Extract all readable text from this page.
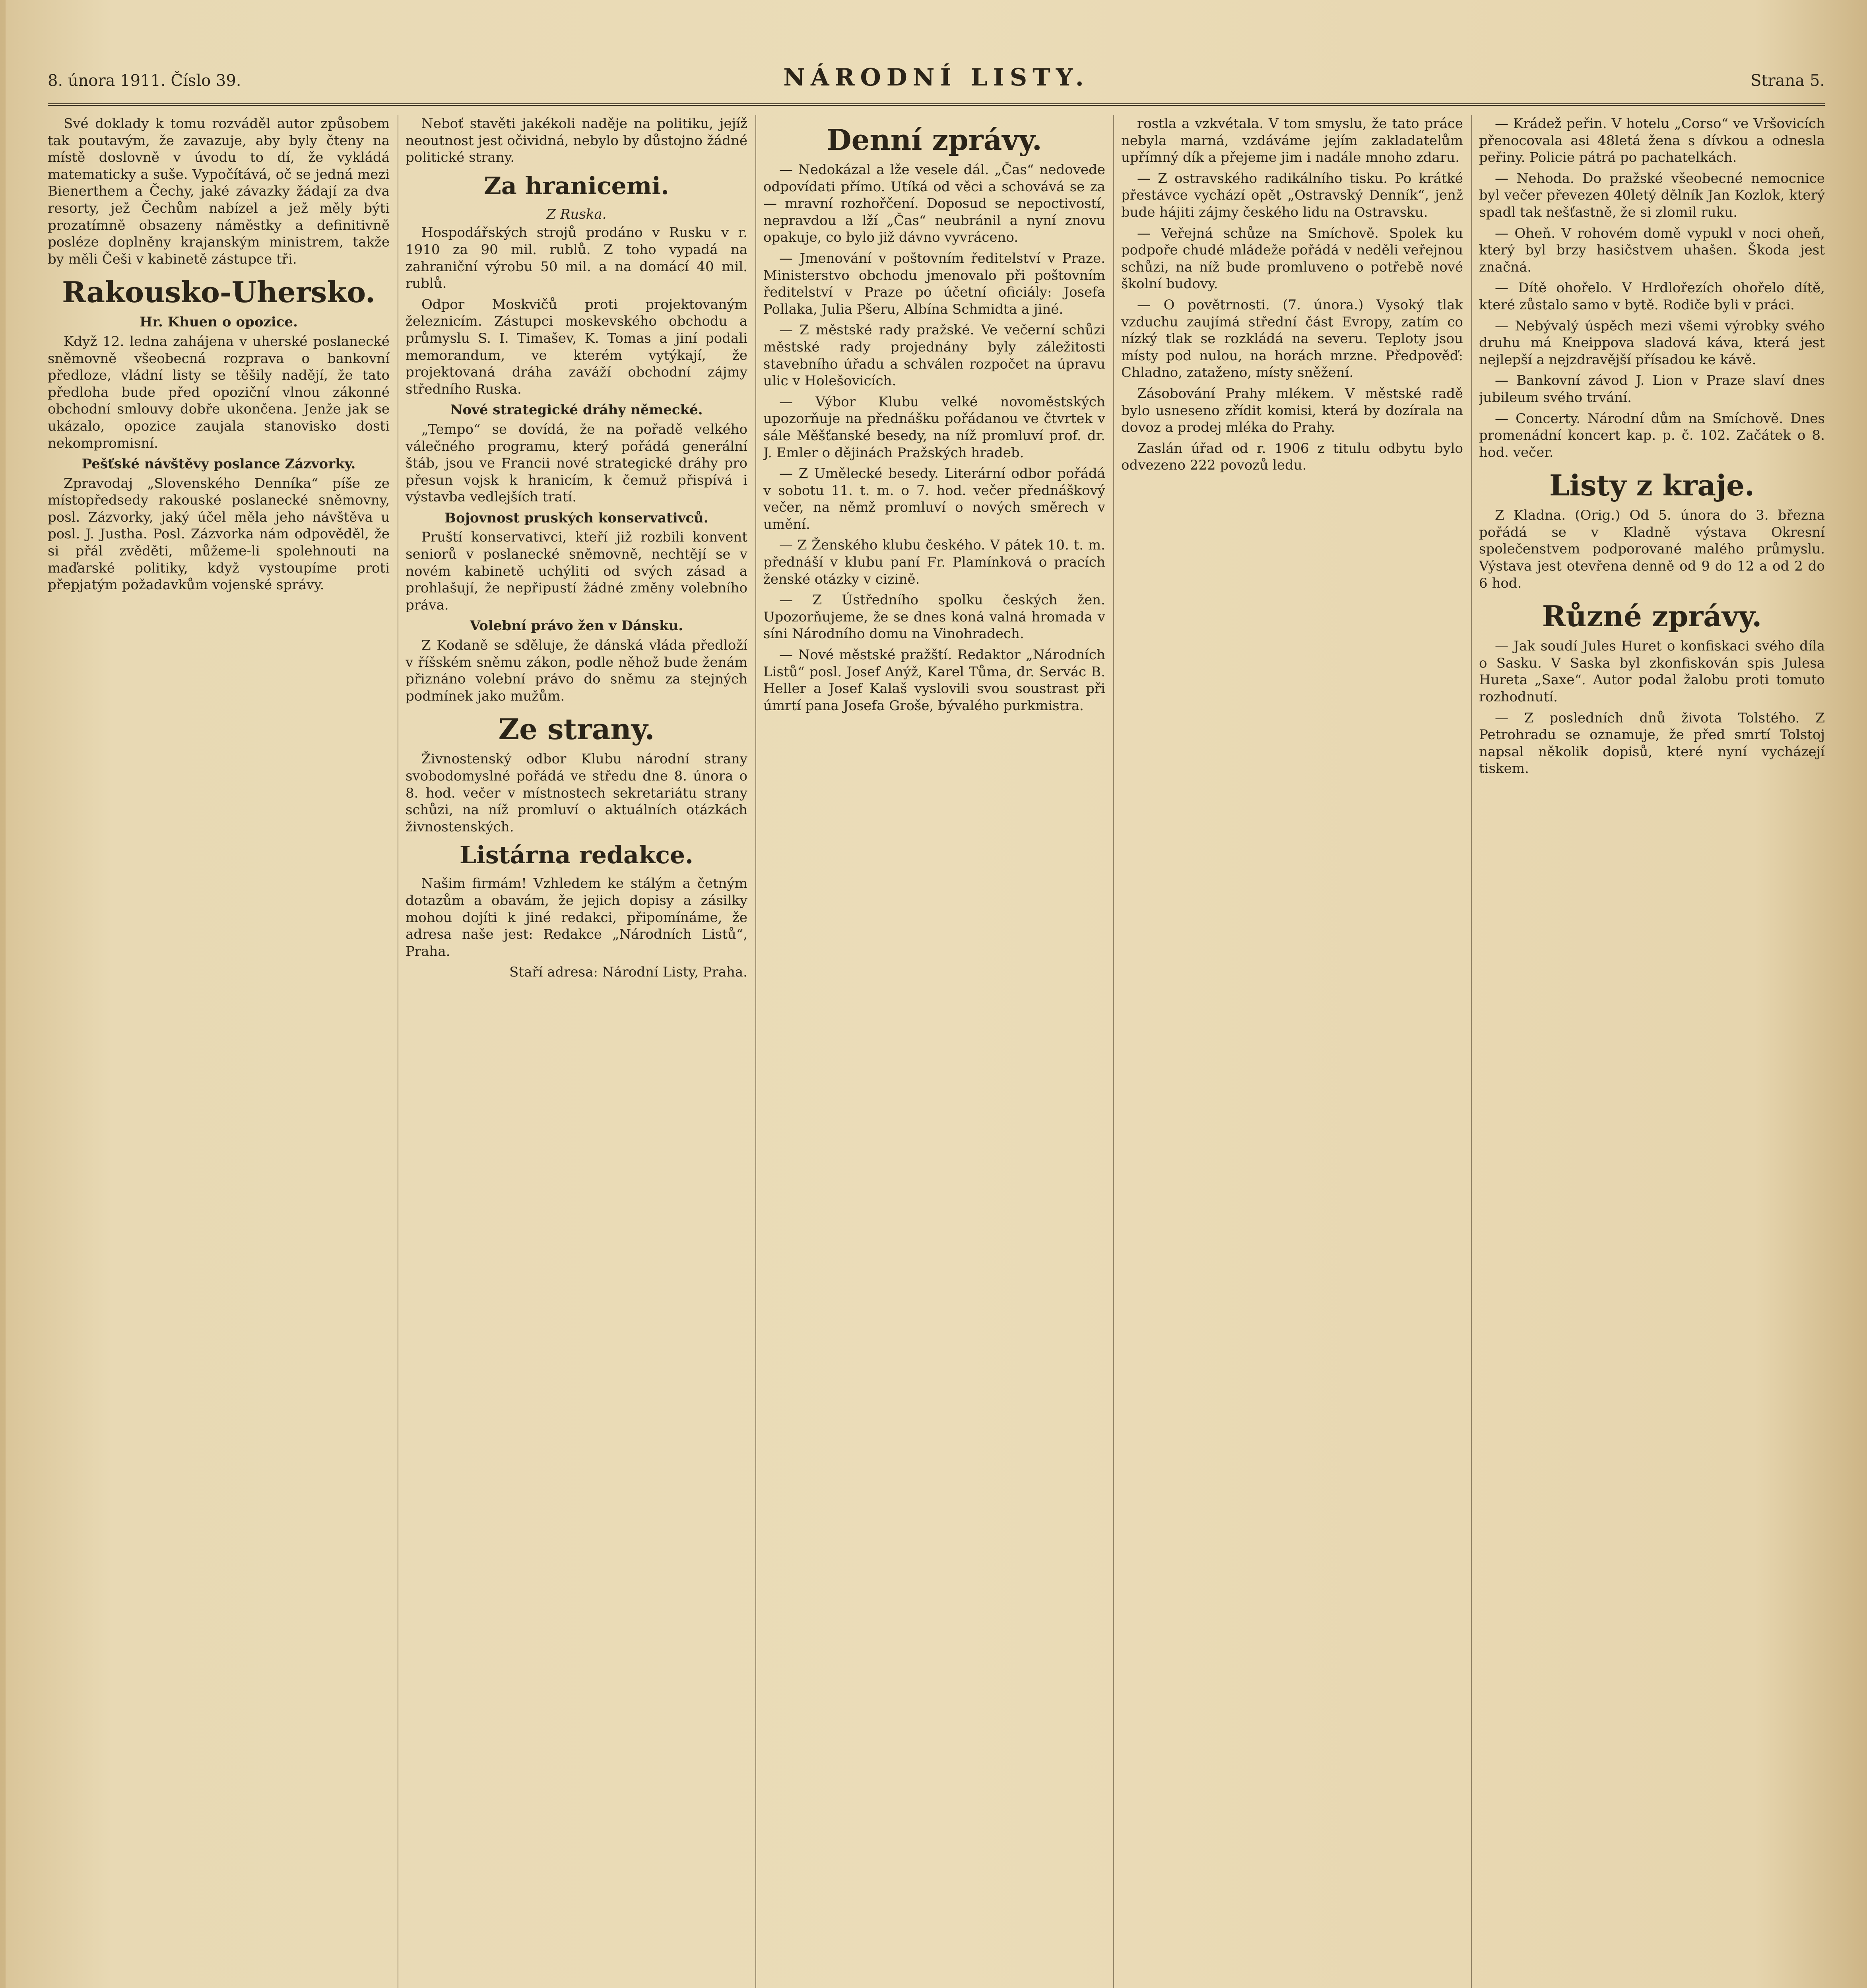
8. února 1911. Číslo 39.	NÁRODNÍ LISTY.	Strana 5.

Své doklady k tomu rozváděl autor způsobem tak poutavým, že zavazuje, aby byly čteny na místě doslovně v úvodu to dí, že vykládá matematicky a suše. Vypočítává, oč se jedná mezi Bienerthem a Čechy, jaké závazky žádají za dva resorty, jež Čechům nabízel a jež měly býti prozatímně obsazeny náměstky a definitivně posléze doplněny krajanským ministrem, takže by měli Češi v kabinetě zástupce tři.

Rakousko-Uhersko.
Hr. Khuen o opozice.

Když 12. ledna zahájena v uherské poslanecké sněmovně všeobecná rozprava o bankovní předloze, vládní listy se těšily nadějí, že tato předloha bude před opoziční vlnou zákonné obchodní smlouvy dobře ukončena. Jenže jak se ukázalo, opozice zaujala stanovisko dosti nekompromisní.

Pešťské návštěvy poslance Zázvorky.

Zpravodaj „Slovenského Denníka“ píše ze místopředsedy rakouské poslanecké sněmovny, posl. Zázvorky, jaký účel měla jeho návštěva u posl. J. Justha. Posl. Zázvorka nám odpověděl, že si přál zvěděti, můžeme-li spolehnouti na maďarské politiky, když vystoupíme proti přepjatým požadavkům vojenské správy.

Neboť stavěti jakékoli naděje na politiku, jejíž neoutnost jest očividná, nebylo by důstojno žádné politické strany.

Za hranicemi.
Z Ruska.

Hospodářských strojů prodáno v Rusku v r. 1910 za 90 mil. rublů. Z toho vypadá na zahraniční výrobu 50 mil. a na domácí 40 mil. rublů.

Odpor Moskvičů proti projektovaným železnicím. Zástupci moskevského obchodu a průmyslu S. I. Timašev, K. Tomas a jiní podali memorandum, ve kterém vytýkají, že projektovaná dráha zaváží obchodní zájmy středního Ruska.

Nové strategické dráhy německé.

„Tempo“ se dovídá, že na pořadě velkého válečného programu, který pořádá generální štáb, jsou ve Francii nové strategické dráhy pro přesun vojsk k hranicím, k čemuž přispívá i výstavba vedlejších tratí.

Bojovnost pruských konservativců.

Pruští konservativci, kteří již rozbili konvent seniorů v poslanecké sněmovně, nechtějí se v novém kabinetě uchýliti od svých zásad a prohlašují, že nepřipustí žádné změny volebního práva.

Volební právo žen v Dánsku.

Z Kodaně se sděluje, že dánská vláda předloží v říšském sněmu zákon, podle něhož bude ženám přiznáno volební právo do sněmu za stejných podmínek jako mužům.

Ze strany.

Živnostenský odbor Klubu národní strany svobodomyslné pořádá ve středu dne 8. února o 8. hod. večer v místnostech sekretariátu strany schůzi, na níž promluví o aktuálních otázkách živnostenských.

Listárna redakce.

Našim firmám! Vzhledem ke stálým a četným dotazům a obavám, že jejich dopisy a zásilky mohou dojíti k jiné redakci, připomínáme, že adresa naše jest: Redakce „Národních Listů“, Praha.

Staří adresa: Národní Listy, Praha.

Denní zprávy.

— Nedokázal a lže vesele dál. „Čas“ nedovede odpovídati přímo. Utíká od věci a schovává se za — mravní rozhořčení. Doposud se nepoctivostí, nepravdou a lží „Čas“ neubránil a nyní znovu opakuje, co bylo již dávno vyvráceno.

— Jmenování v poštovním ředitelství v Praze. Ministerstvo obchodu jmenovalo při poštovním ředitelství v Praze po účetní oficiály: Josefa Pollaka, Julia Pšeru, Albína Schmidta a jiné.

— Z městské rady pražské. Ve večerní schůzi městské rady projednány byly záležitosti stavebního úřadu a schválen rozpočet na úpravu ulic v Holešovicích.

— Výbor Klubu velké novoměstských upozorňuje na přednášku pořádanou ve čtvrtek v sále Měšťanské besedy, na níž promluví prof. dr. J. Emler o dějinách Pražských hradeb.

— Z Umělecké besedy. Literární odbor pořádá v sobotu 11. t. m. o 7. hod. večer přednáškový večer, na němž promluví o nových směrech v umění.

— Z Ženského klubu českého. V pátek 10. t. m. přednáší v klubu paní Fr. Plamínková o pracích ženské otázky v cizině.

— Z Ústředního spolku českých žen. Upozorňujeme, že se dnes koná valná hromada v síni Národního domu na Vinohradech.

— Nové městské pražští. Redaktor „Národních Listů“ posl. Josef Anýž, Karel Tůma, dr. Servác B. Heller a Josef Kalaš vyslovili svou soustrast při úmrtí pana Josefa Groše, bývalého purkmistra.

rostla a vzkvétala. V tom smyslu, že tato práce nebyla marná, vzdáváme jejím zakladatelům upřímný dík a přejeme jim i nadále mnoho zdaru.

— Z ostravského radikálního tisku. Po krátké přestávce vychází opět „Ostravský Denník“, jenž bude hájiti zájmy českého lidu na Ostravsku.

— Veřejná schůze na Smíchově. Spolek ku podpoře chudé mládeže pořádá v neděli veřejnou schůzi, na níž bude promluveno o potřebě nové školní budovy.

— O povětrnosti. (7. února.) Vysoký tlak vzduchu zaujímá střední část Evropy, zatím co nízký tlak se rozkládá na severu. Teploty jsou místy pod nulou, na horách mrzne. Předpověď: Chladno, zataženo, místy sněžení.

Zásobování Prahy mlékem. V městské radě bylo usneseno zřídit komisi, která by dozírala na dovoz a prodej mléka do Prahy.

Zaslán úřad od r. 1906 z titulu odbytu bylo odvezeno 222 povozů ledu.

— Krádež peřin. V hotelu „Corso“ ve Vršovicích přenocovala asi 48letá žena s dívkou a odnesla peřiny. Policie pátrá po pachatelkách.

— Nehoda. Do pražské všeobecné nemocnice byl večer převezen 40letý dělník Jan Kozlok, který spadl tak nešťastně, že si zlomil ruku.

— Oheň. V rohovém domě vypukl v noci oheň, který byl brzy hasičstvem uhašen. Škoda jest značná.

— Dítě ohořelo. V Hrdlořezích ohořelo dítě, které zůstalo samo v bytě. Rodiče byli v práci.

— Nebývalý úspěch mezi všemi výrobky svého druhu má Kneippova sladová káva, která jest nejlepší a nejzdravější přísadou ke kávě.

— Bankovní závod J. Lion v Praze slaví dnes jubileum svého trvání.

— Concerty. Národní dům na Smíchově. Dnes promenádní koncert kap. p. č. 102. Začátek o 8. hod. večer.

Listy z kraje.

Z Kladna. (Orig.) Od 5. února do 3. března pořádá se v Kladně výstava Okresní společenstvem podporované malého průmyslu. Výstava jest otevřena denně od 9 do 12 a od 2 do 6 hod.

Různé zprávy.

— Jak soudí Jules Huret o konfiskaci svého díla o Sasku. V Saska byl zkonfiskován spis Julesa Hureta „Saxe“. Autor podal žalobu proti tomuto rozhodnutí.

— Z posledních dnů života Tolstého. Z Petrohradu se oznamuje, že před smrtí Tolstoj napsal několik dopisů, které nyní vycházejí tiskem.
